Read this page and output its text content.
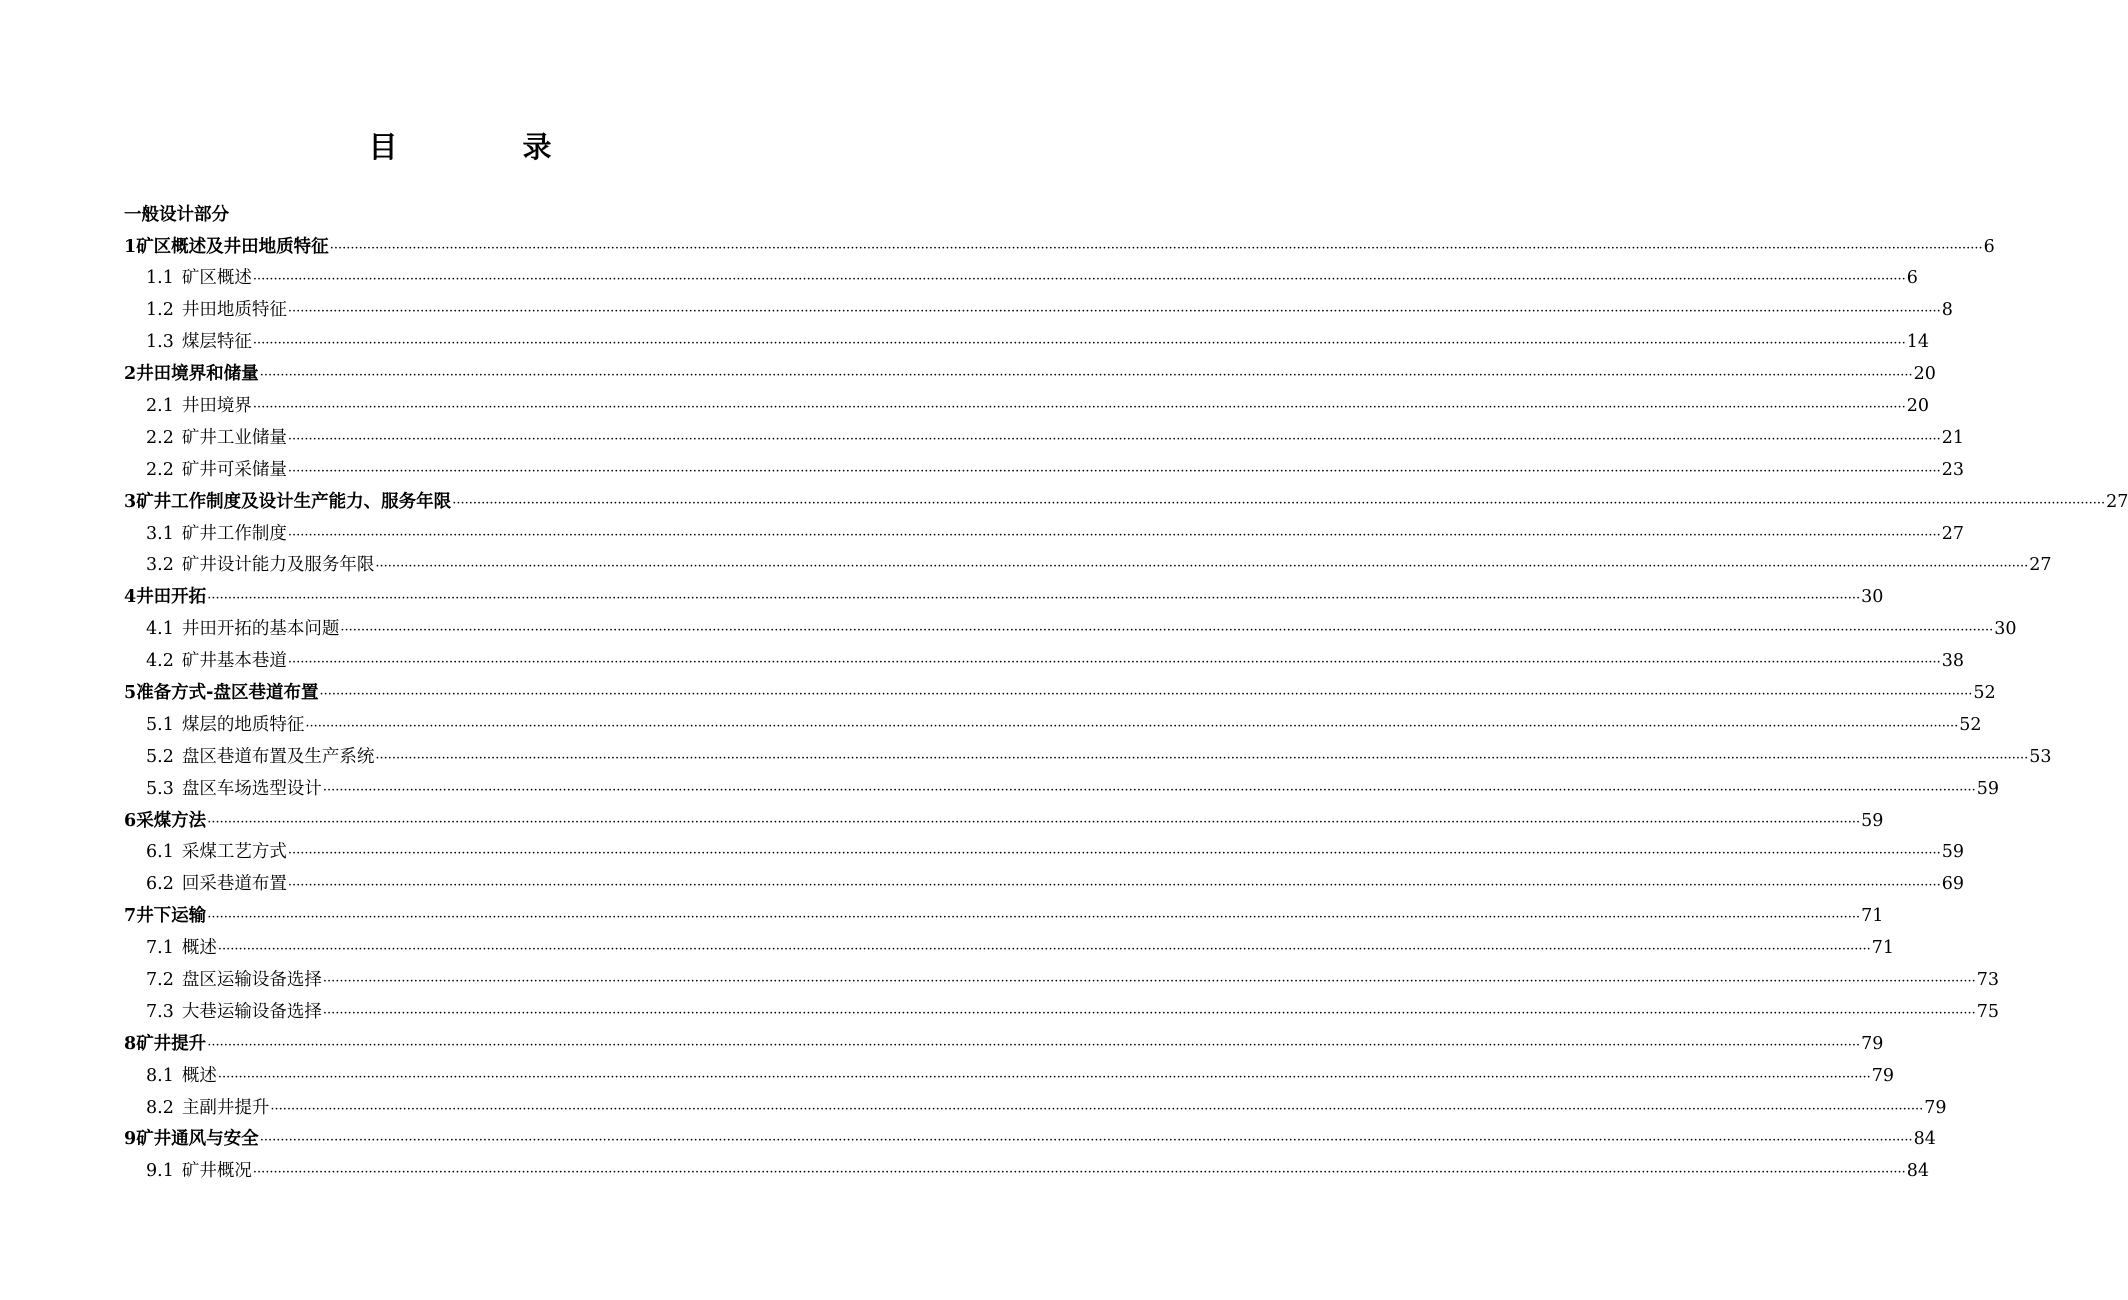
目　录
一般设计部分
1 矿区概述及井田地质特征 ················································································································································································································································································································································································································ 6
1.1 矿区概述 ················································································································································································································································································································································································································ 6
1.2 井田地质特征 ················································································································································································································································································································································································································ 8
1.3 煤层特征 ················································································································································································································································································································································································································ 14
2 井田境界和储量 ················································································································································································································································································································································································································ 20
2.1 井田境界 ················································································································································································································································································································································································································ 20
2.2 矿井工业储量 ················································································································································································································································································································································································································ 21
2.2 矿井可采储量 ················································································································································································································································································································································································································ 23
3 矿井工作制度及设计生产能力、服务年限 ················································································································································································································································································································································································································ 27
3.1 矿井工作制度 ················································································································································································································································································································································································································ 27
3.2 矿井设计能力及服务年限 ················································································································································································································································································································································································································ 27
4 井田开拓 ················································································································································································································································································································································································································ 30
4.1 井田开拓的基本问题 ················································································································································································································································································································································································································ 30
4.2 矿井基本巷道 ················································································································································································································································································································································································································ 38
5 准备方式-盘区巷道布置 ················································································································································································································································································································································································································ 52
5.1 煤层的地质特征 ················································································································································································································································································································································································································ 52
5.2 盘区巷道布置及生产系统 ················································································································································································································································································································································································································ 53
5.3 盘区车场选型设计 ················································································································································································································································································································································································································ 59
6 采煤方法 ················································································································································································································································································································································································································ 59
6.1 采煤工艺方式 ················································································································································································································································································································································································································ 59
6.2 回采巷道布置 ················································································································································································································································································································································································································ 69
7 井下运输 ················································································································································································································································································································································································································ 71
7.1 概述 ················································································································································································································································································································································································································ 71
7.2 盘区运输设备选择 ················································································································································································································································································································································································································ 73
7.3 大巷运输设备选择 ················································································································································································································································································································································································································ 75
8 矿井提升 ················································································································································································································································································································································································································ 79
8.1 概述 ················································································································································································································································································································································································································ 79
8.2 主副井提升 ················································································································································································································································································································································································································ 79
9 矿井通风与安全 ················································································································································································································································································································································································································ 84
9.1 矿井概况 ················································································································································································································································································································································································································ 84
